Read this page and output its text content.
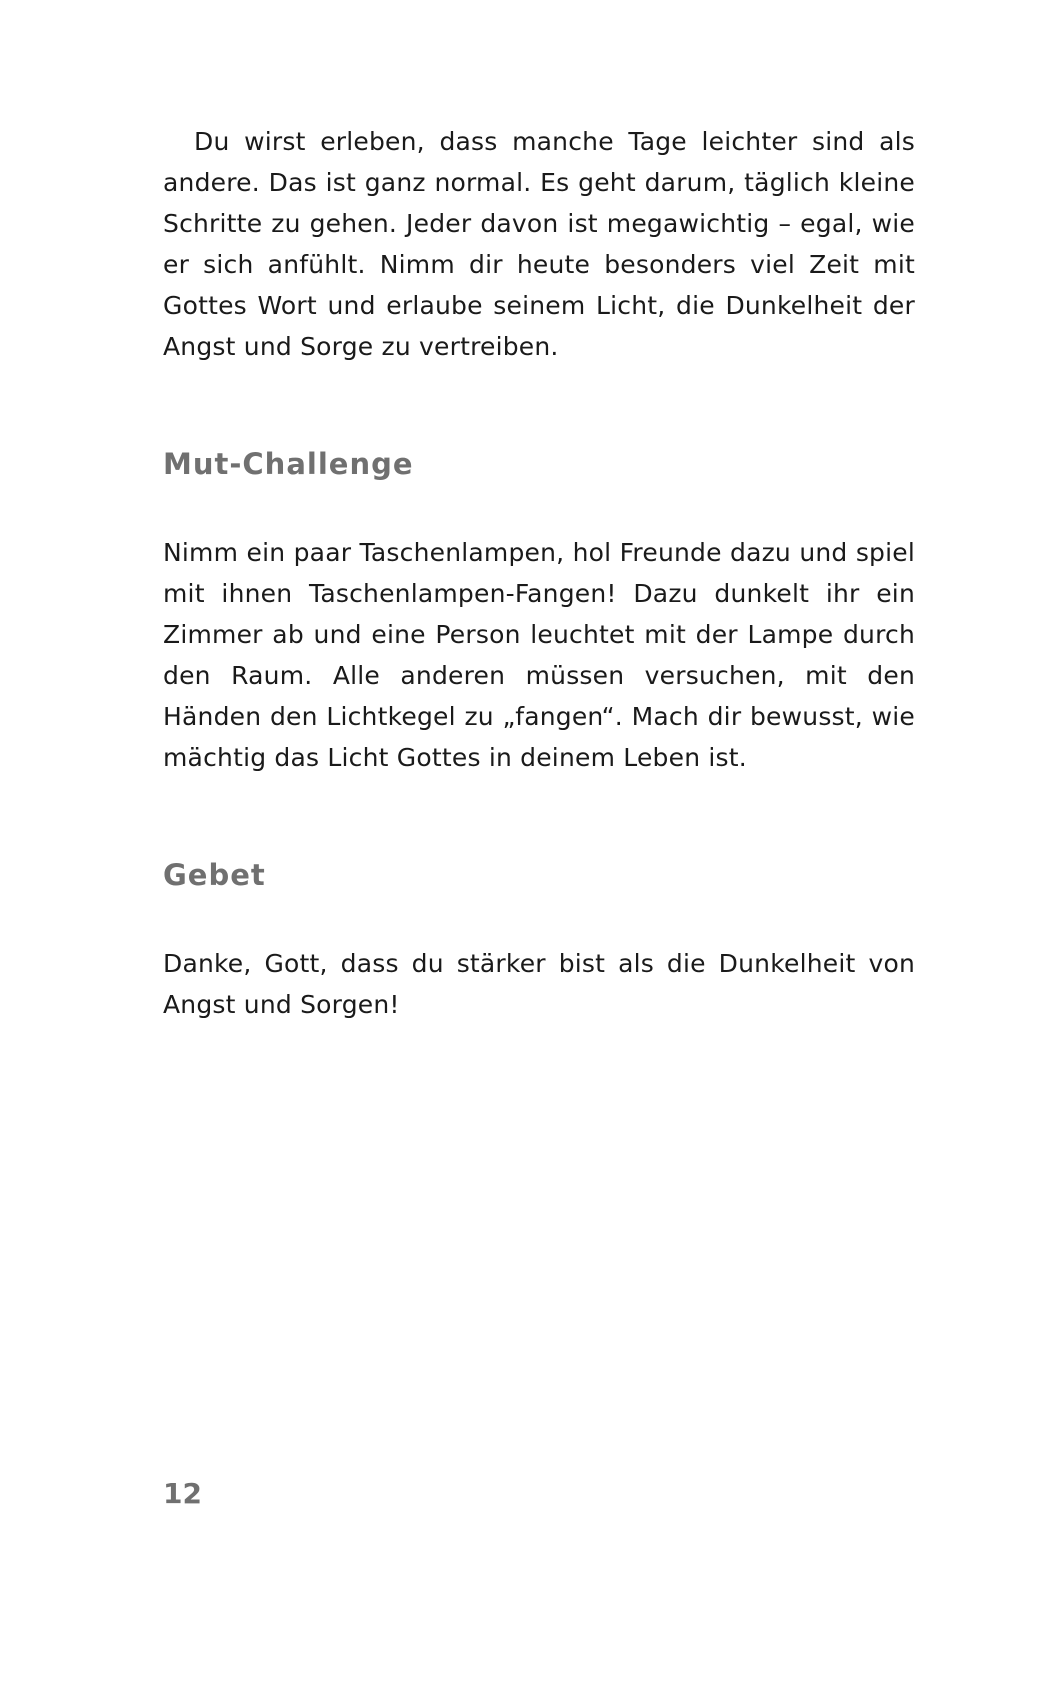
Du wirst erleben, dass manche Tage leichter sind als andere. Das ist ganz normal. Es geht darum, täglich kleine Schritte zu gehen. Jeder davon ist megawichtig – egal, wie er sich anfühlt. Nimm dir heute besonders viel Zeit mit Gottes Wort und erlaube seinem Licht, die Dunkelheit der Angst und Sorge zu vertreiben.

Mut-Challenge

Nimm ein paar Taschenlampen, hol Freunde dazu und spiel mit ihnen Taschenlampen-Fangen! Dazu dunkelt ihr ein Zimmer ab und eine Person leuchtet mit der Lampe durch den Raum. Alle anderen müssen versuchen, mit den Händen den Lichtkegel zu „fangen“. Mach dir bewusst, wie mächtig das Licht Gottes in deinem Leben ist.

Gebet

Danke, Gott, dass du stärker bist als die Dunkelheit von Angst und Sorgen!

12
